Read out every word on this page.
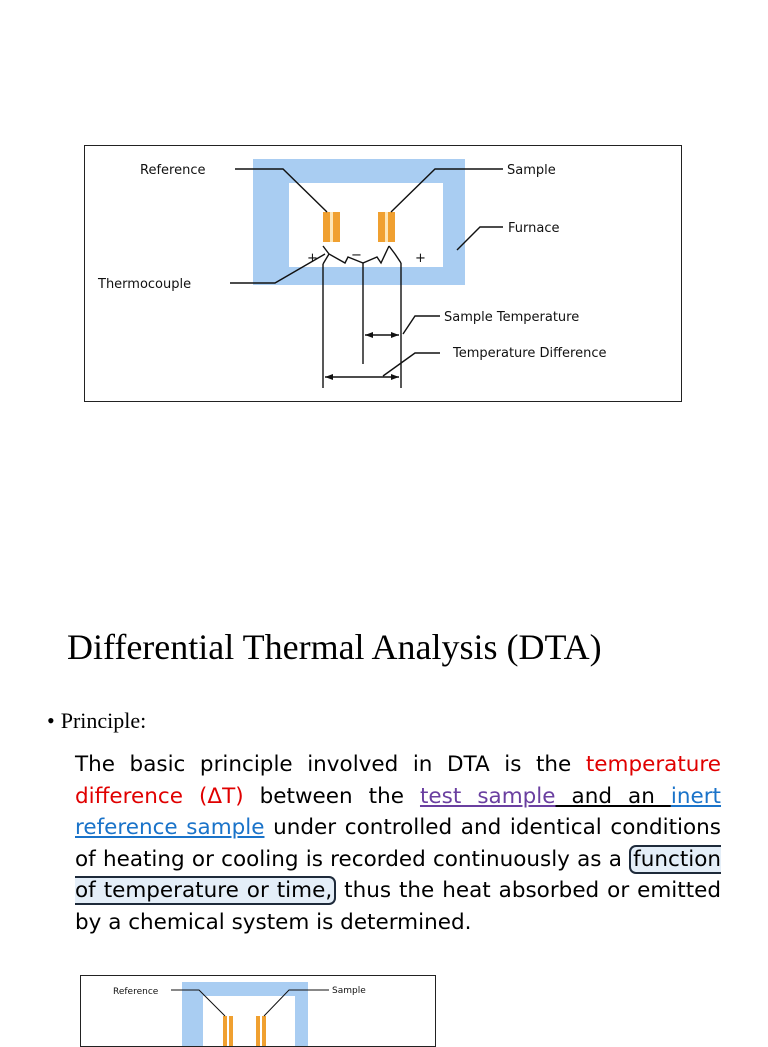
+	−	+
Reference	Sample
Furnace
Thermocouple
Sample Temperature
Temperature Difference
Differential Thermal Analysis (DTA)
• Principle:

The basic principle involved in DTA is the temperature difference (ΔT) between the test sample and an inert reference sample under controlled and identical conditions of heating or cooling is recorded continuously as a function of temperature or time, thus the heat absorbed or emitted by a chemical system is determined.

Reference	Sample
